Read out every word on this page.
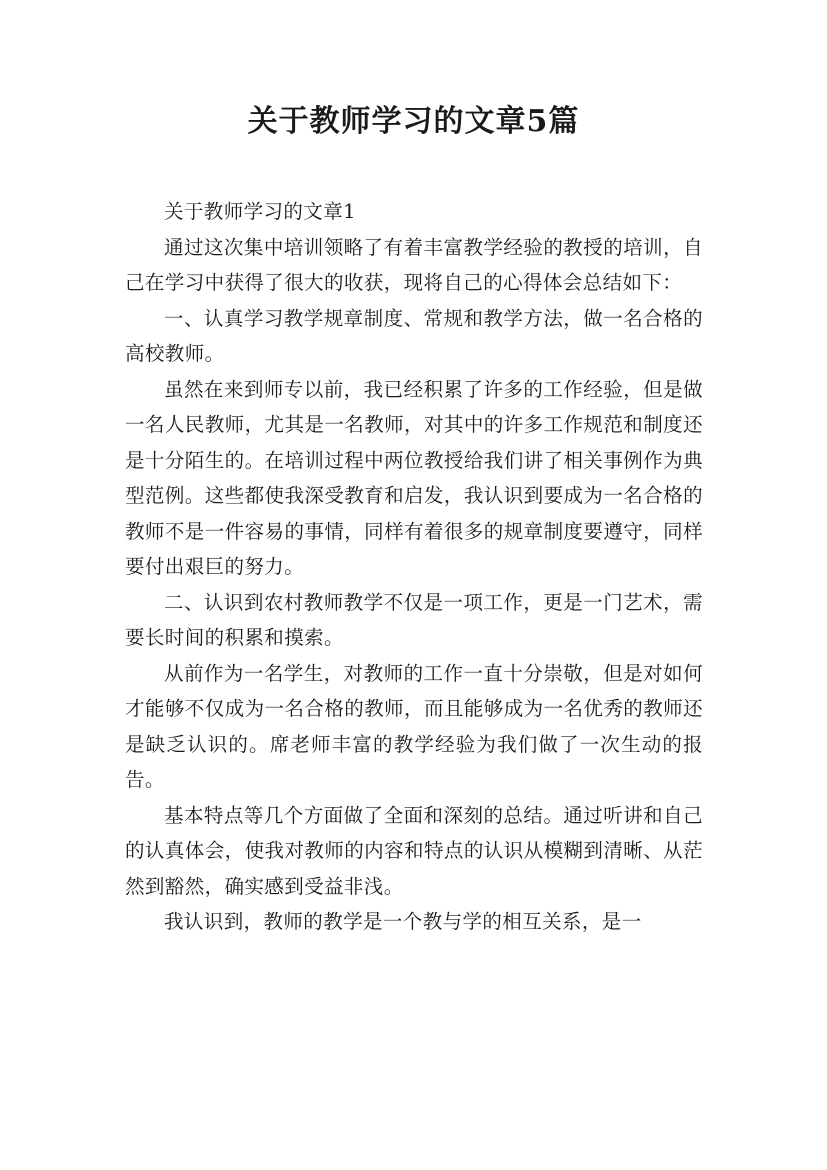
关于教师学习的文章5篇

关于教师学习的文章1

通过这次集中培训领略了有着丰富教学经验的教授的培训，自己在学习中获得了很大的收获，现将自己的心得体会总结如下：

一、认真学习教学规章制度、常规和教学方法，做一名合格的高校教师。

虽然在来到师专以前，我已经积累了许多的工作经验，但是做一名人民教师，尤其是一名教师，对其中的许多工作规范和制度还是十分陌生的。在培训过程中两位教授给我们讲了相关事例作为典型范例。这些都使我深受教育和启发，我认识到要成为一名合格的教师不是一件容易的事情，同样有着很多的规章制度要遵守，同样要付出艰巨的努力。

二、认识到农村教师教学不仅是一项工作，更是一门艺术，需要长时间的积累和摸索。

从前作为一名学生，对教师的工作一直十分崇敬，但是对如何才能够不仅成为一名合格的教师，而且能够成为一名优秀的教师还是缺乏认识的。席老师丰富的教学经验为我们做了一次生动的报告。

基本特点等几个方面做了全面和深刻的总结。通过听讲和自己的认真体会，使我对教师的内容和特点的认识从模糊到清晰、从茫然到豁然，确实感到受益非浅。

我认识到，教师的教学是一个教与学的相互关系，是一
